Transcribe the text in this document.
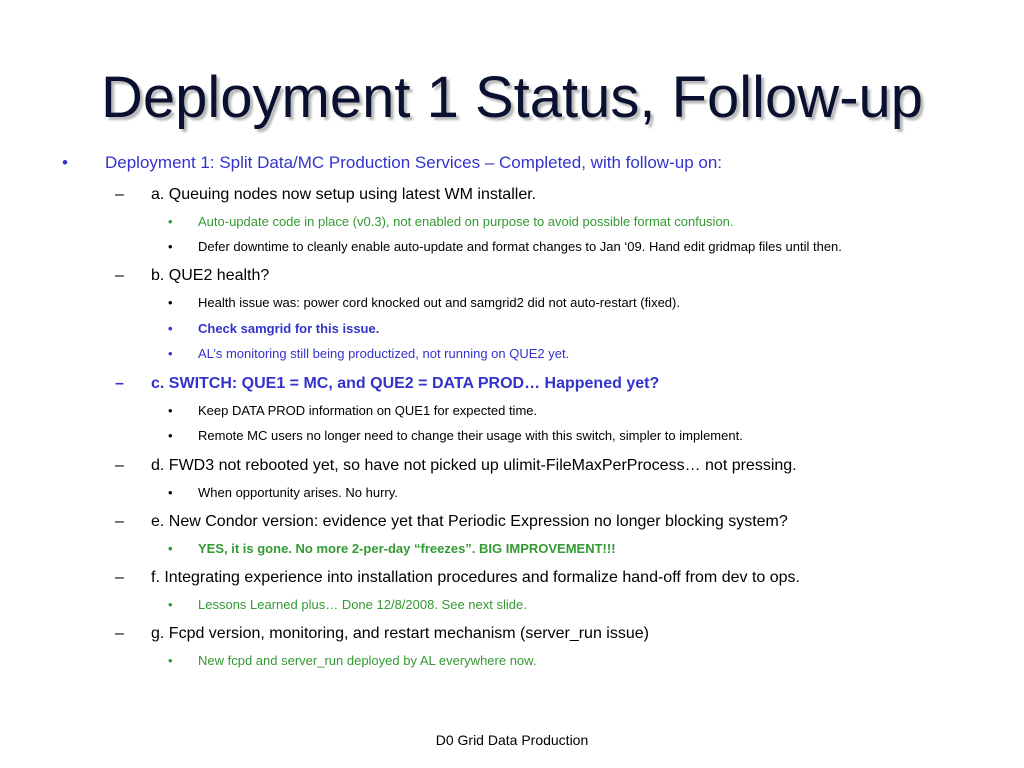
Deployment 1 Status, Follow-up
• Deployment 1: Split Data/MC Production Services – Completed, with follow-up on:
– a. Queuing nodes now setup using latest WM installer.
• Auto-update code in place (v0.3), not enabled on purpose to avoid possible format confusion.
• Defer downtime to cleanly enable auto-update and format changes to Jan ‘09. Hand edit gridmap files until then.
– b. QUE2 health?
• Health issue was: power cord knocked out and samgrid2 did not auto-restart (fixed).
• Check samgrid for this issue.
• AL’s monitoring still being productized, not running on QUE2 yet.
– c. SWITCH: QUE1 = MC, and QUE2 = DATA PROD… Happened yet?
• Keep DATA PROD information on QUE1 for expected time.
• Remote MC users no longer need to change their usage with this switch, simpler to implement.
– d. FWD3 not rebooted yet, so have not picked up ulimit-FileMaxPerProcess… not pressing.
• When opportunity arises. No hurry.
– e. New Condor version: evidence yet that Periodic Expression no longer blocking system?
• YES, it is gone. No more 2-per-day “freezes”. BIG IMPROVEMENT!!!
– f. Integrating experience into installation procedures and formalize hand-off from dev to ops.
• Lessons Learned plus… Done 12/8/2008. See next slide.
– g. Fcpd version, monitoring, and restart mechanism (server_run issue)
• New fcpd and server_run deployed by AL everywhere now.
D0 Grid Data Production
